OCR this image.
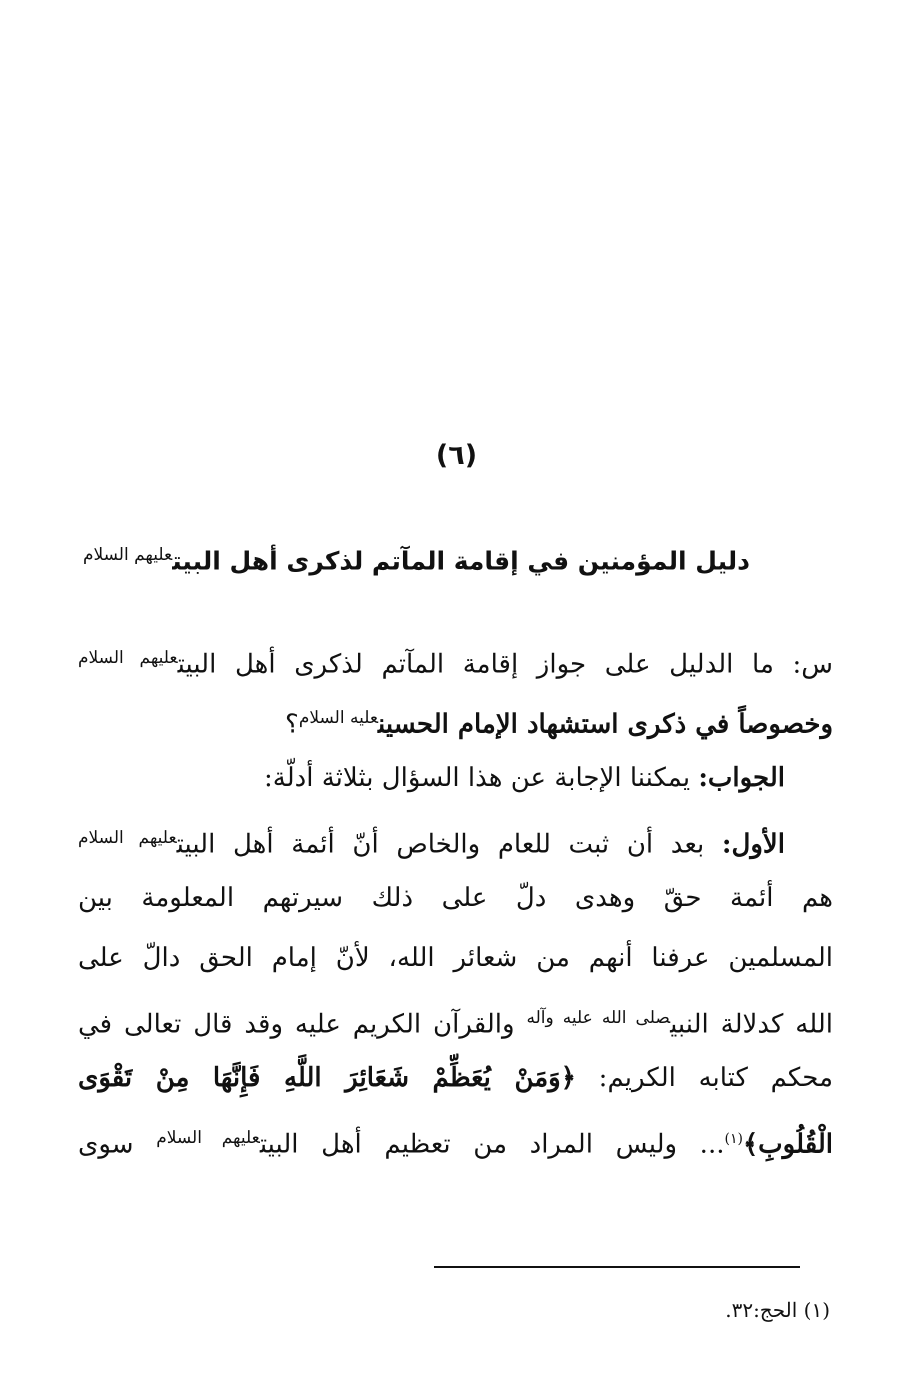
(٦)
دليل المؤمنين في إقامة المآتم لذكرى أهل البيت$^{عليهم السلام}$
س: ما الدليل على جواز إقامة المآتم لذكرى أهل البيت$^{عليهم السلام}$
وخصوصاً في ذكرى استشهاد الإمام الحسين$^{عليه السلام}$؟
الجواب: يمكننا الإجابة عن هذا السؤال بثلاثة أدلّة:
الأول: بعد أن ثبت للعام والخاص أنّ أئمة أهل البيت$^{عليهم السلام}$
هم أئمة حقّ وهدى دلّ على ذلك سيرتهم المعلومة بين
المسلمين عرفنا أنهم من شعائر الله، لأنّ إمام الحق دالّ على
الله كدلالة النبي$^{صلى الله عليه وآله}$ والقرآن الكريم عليه وقد قال تعالى في
محكم كتابه الكريم: ﴿وَمَنْ يُعَظِّمْ شَعَائِرَ اللَّهِ فَإِنَّهَا مِنْ تَقْوَى
الْقُلُوبِ﴾$^{(١)}$... وليس المراد من تعظيم أهل البيت$^{عليهم السلام}$ سوى
(١) الحج:٣٢.
